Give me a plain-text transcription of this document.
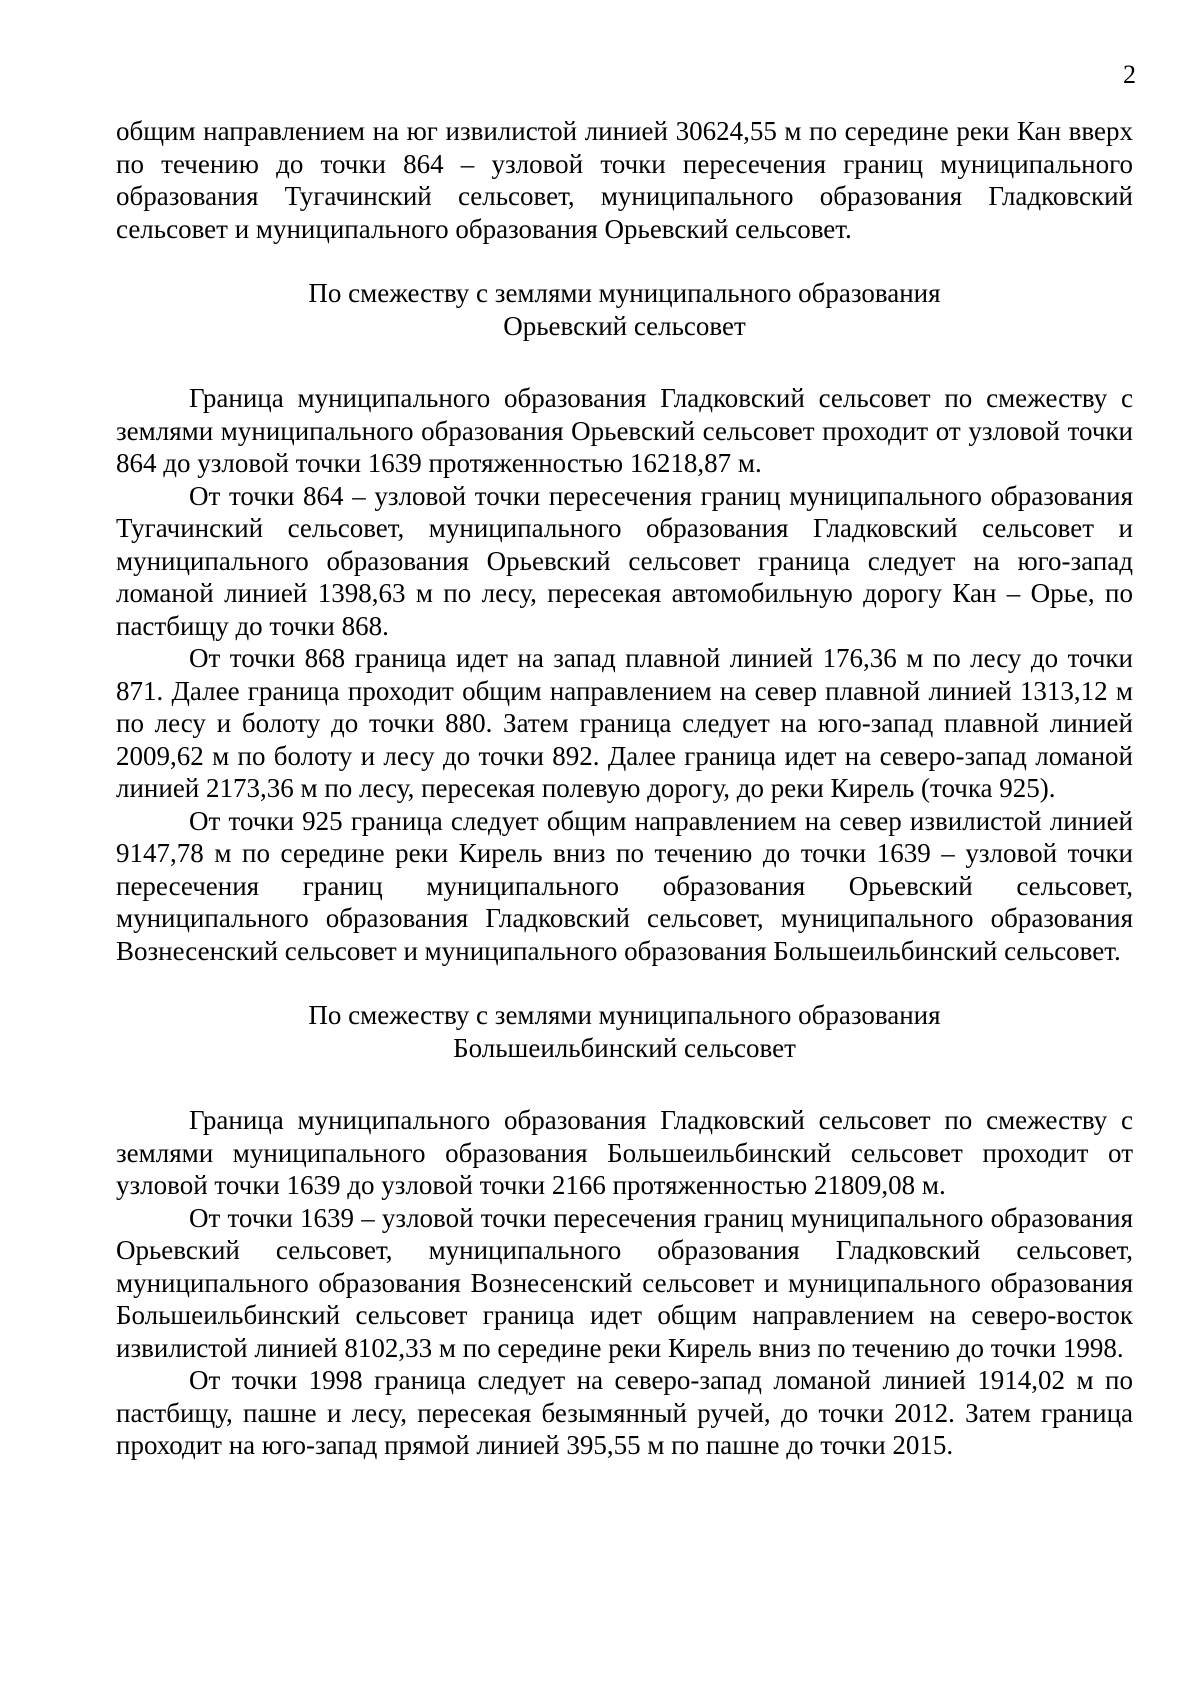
2

общим направлением на юг извилистой линией 30624,55 м по середине реки Кан вверх по течению до точки 864 – узловой точки пересечения границ муниципального образования Тугачинский сельсовет, муниципального образования Гладковский сельсовет и муниципального образования Орьевский сельсовет.

По смежеству с землями муниципального образования
Орьевский сельсовет

Граница муниципального образования Гладковский сельсовет по смежеству с землями муниципального образования Орьевский сельсовет проходит от узловой точки 864 до узловой точки 1639 протяженностью 16218,87 м.

От точки 864 – узловой точки пересечения границ муниципального образования Тугачинский сельсовет, муниципального образования Гладковский сельсовет и муниципального образования Орьевский сельсовет граница следует на юго-запад ломаной линией 1398,63 м по лесу, пересекая автомобильную дорогу Кан – Орье, по пастбищу до точки 868.

От точки 868 граница идет на запад плавной линией 176,36 м по лесу до точки 871. Далее граница проходит общим направлением на север плавной линией 1313,12 м по лесу и болоту до точки 880. Затем граница следует на юго-запад плавной линией 2009,62 м по болоту и лесу до точки 892. Далее граница идет на северо-запад ломаной линией 2173,36 м по лесу, пересекая полевую дорогу, до реки Кирель (точка 925).

От точки 925 граница следует общим направлением на север извилистой линией 9147,78 м по середине реки Кирель вниз по течению до точки 1639 – узловой точки пересечения границ муниципального образования Орьевский сельсовет, муниципального образования Гладковский сельсовет, муниципального образования Вознесенский сельсовет и муниципального образования Большеильбинский сельсовет.

По смежеству с землями муниципального образования
Большеильбинский сельсовет

Граница муниципального образования Гладковский сельсовет по смежеству с землями муниципального образования Большеильбинский сельсовет проходит от узловой точки 1639 до узловой точки 2166 протяженностью 21809,08 м.

От точки 1639 – узловой точки пересечения границ муниципального образования Орьевский сельсовет, муниципального образования Гладковский сельсовет, муниципального образования Вознесенский сельсовет и муниципального образования Большеильбинский сельсовет граница идет общим направлением на северо-восток извилистой линией 8102,33 м по середине реки Кирель вниз по течению до точки 1998.

От точки 1998 граница следует на северо-запад ломаной линией 1914,02 м по пастбищу, пашне и лесу, пересекая безымянный ручей, до точки 2012. Затем граница проходит на юго-запад прямой линией 395,55 м по пашне до точки 2015.
